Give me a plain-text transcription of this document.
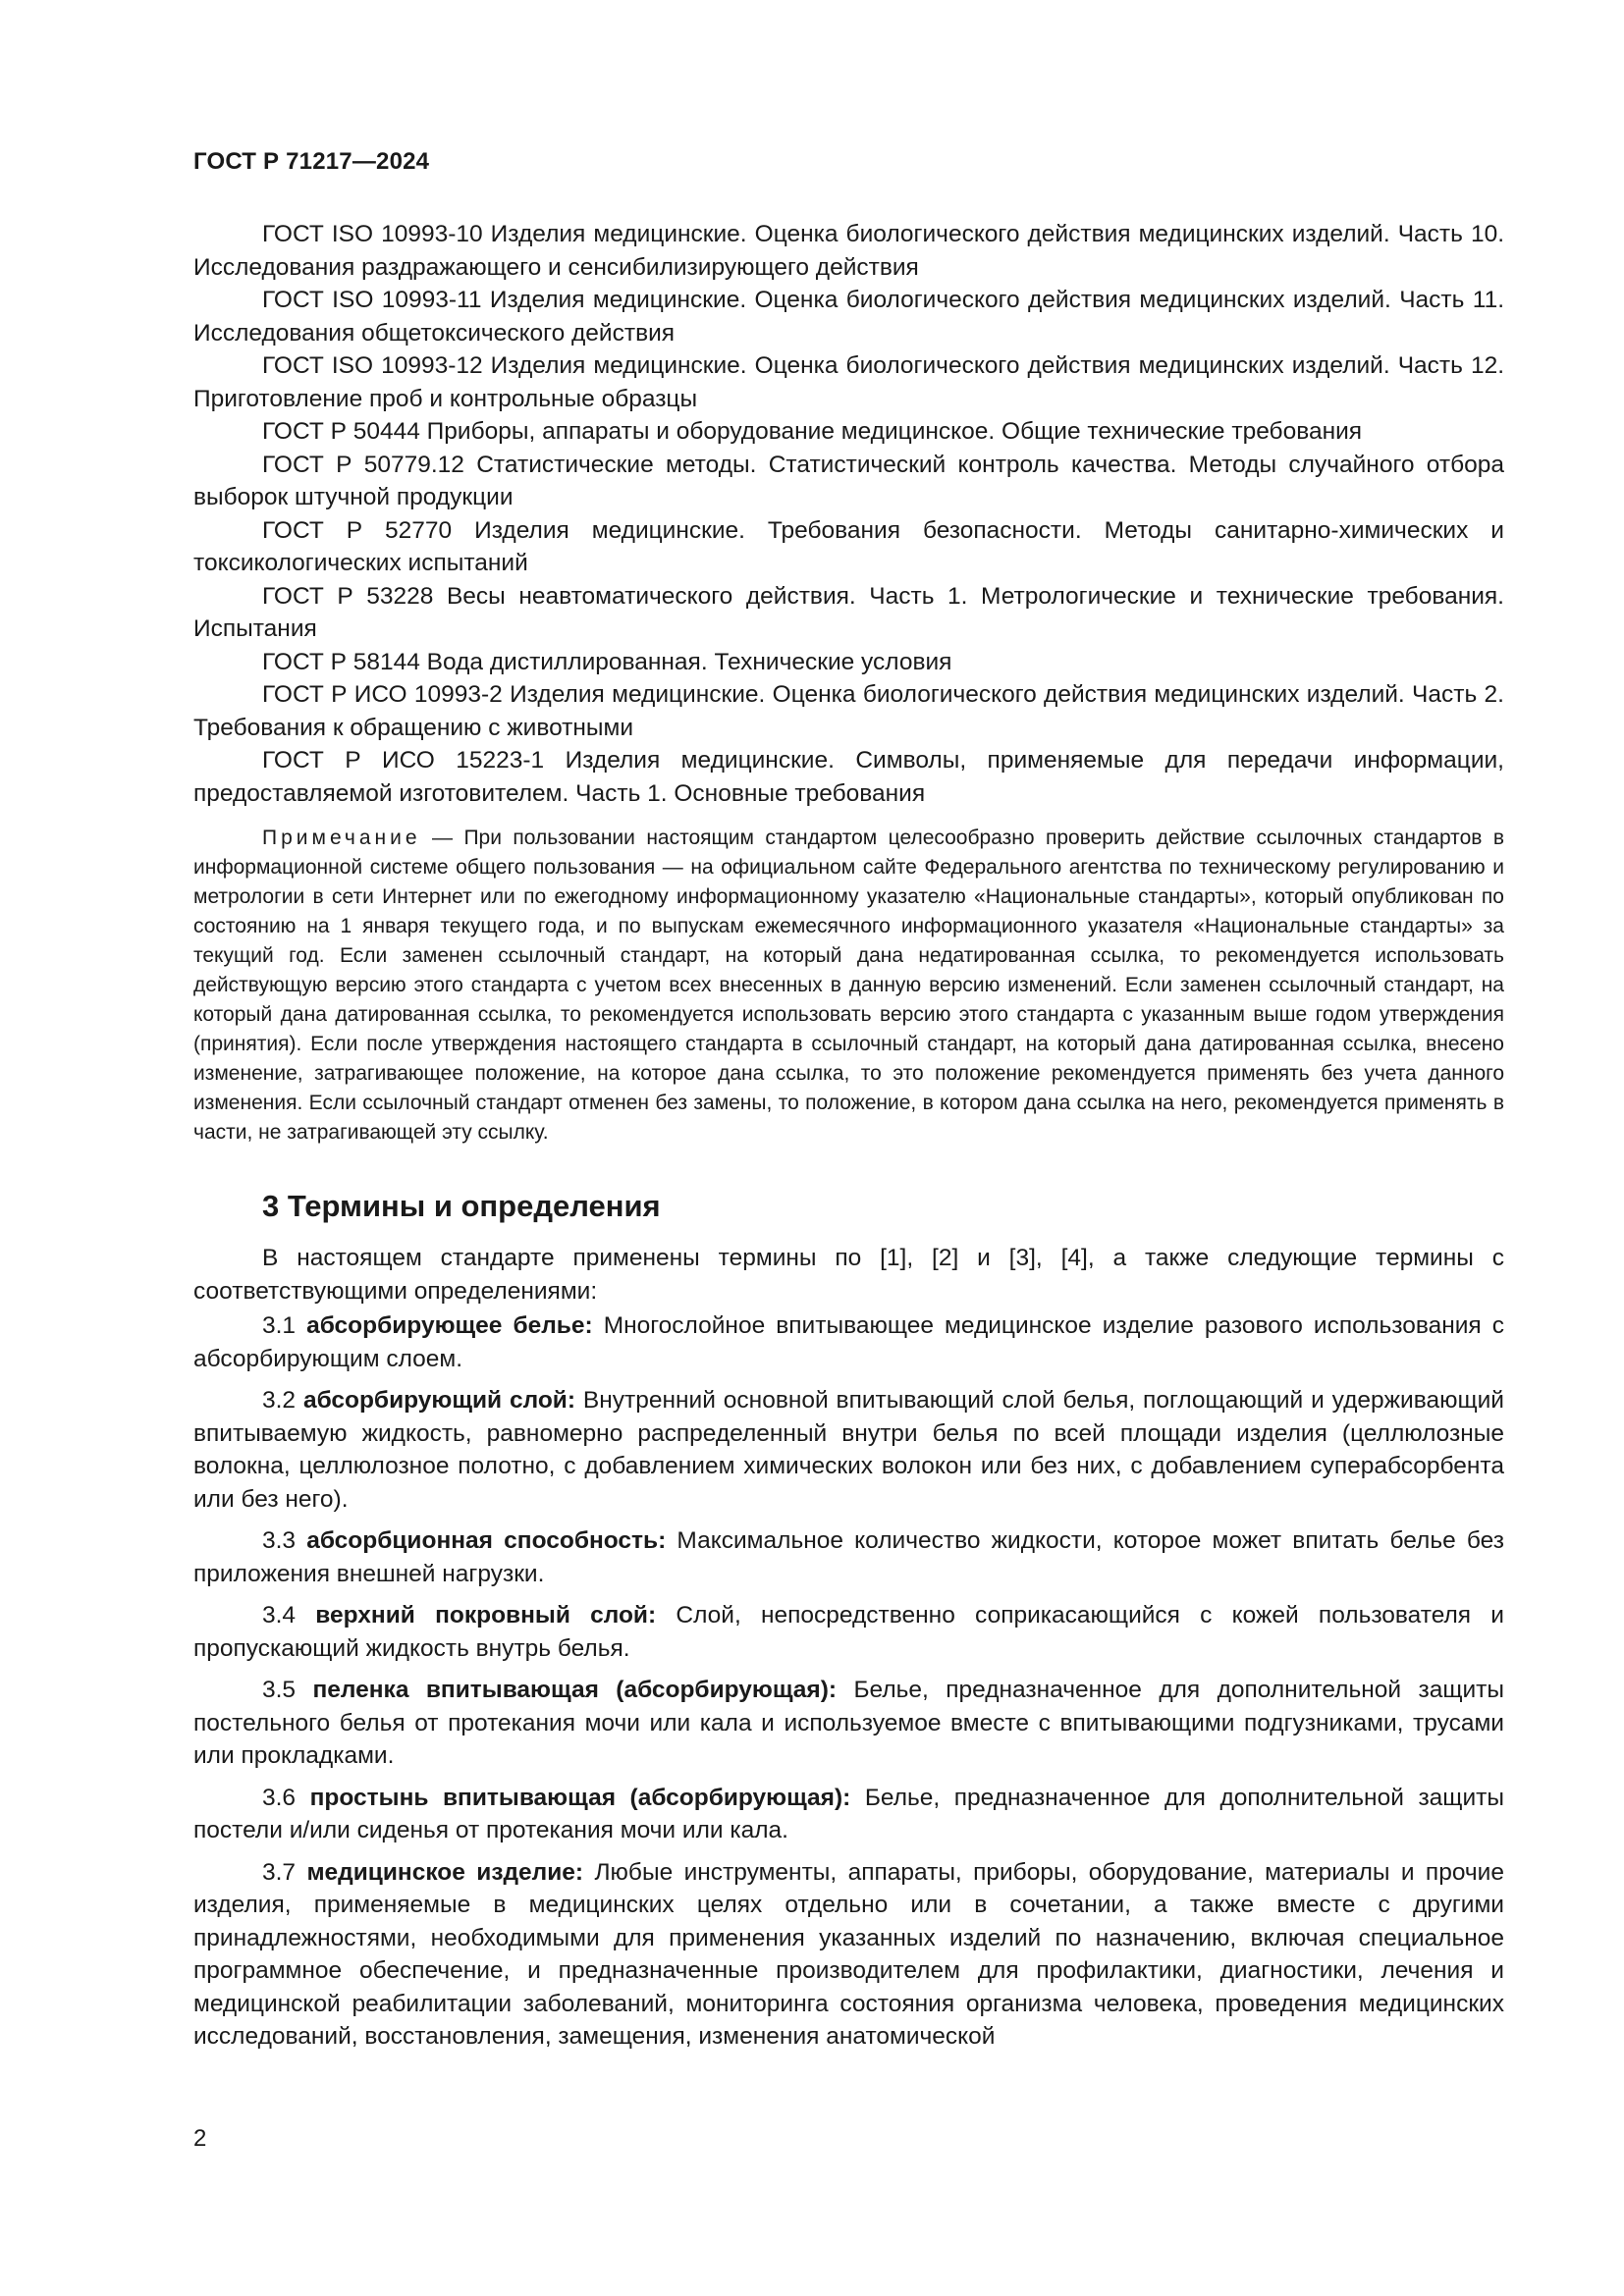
ГОСТ Р 71217—2024

ГОСТ ISO 10993-10 Изделия медицинские. Оценка биологического действия медицинских изделий. Часть 10. Исследования раздражающего и сенсибилизирующего действия

ГОСТ ISO 10993-11 Изделия медицинские. Оценка биологического действия медицинских изделий. Часть 11. Исследования общетоксического действия

ГОСТ ISO 10993-12 Изделия медицинские. Оценка биологического действия медицинских изделий. Часть 12. Приготовление проб и контрольные образцы

ГОСТ Р 50444 Приборы, аппараты и оборудование медицинское. Общие технические требования

ГОСТ Р 50779.12 Статистические методы. Статистический контроль качества. Методы случайного отбора выборок штучной продукции

ГОСТ Р 52770 Изделия медицинские. Требования безопасности. Методы санитарно-химических и токсикологических испытаний

ГОСТ Р 53228 Весы неавтоматического действия. Часть 1. Метрологические и технические требования. Испытания

ГОСТ Р 58144 Вода дистиллированная. Технические условия

ГОСТ Р ИСО 10993-2 Изделия медицинские. Оценка биологического действия медицинских изделий. Часть 2. Требования к обращению с животными

ГОСТ Р ИСО 15223-1 Изделия медицинские. Символы, применяемые для передачи информации, предоставляемой изготовителем. Часть 1. Основные требования

Примечание — При пользовании настоящим стандартом целесообразно проверить действие ссылочных стандартов в информационной системе общего пользования — на официальном сайте Федерального агентства по техническому регулированию и метрологии в сети Интернет или по ежегодному информационному указателю «Национальные стандарты», который опубликован по состоянию на 1 января текущего года, и по выпускам ежемесячного информационного указателя «Национальные стандарты» за текущий год. Если заменен ссылочный стандарт, на который дана недатированная ссылка, то рекомендуется использовать действующую версию этого стандарта с учетом всех внесенных в данную версию изменений. Если заменен ссылочный стандарт, на который дана датированная ссылка, то рекомендуется использовать версию этого стандарта с указанным выше годом утверждения (принятия). Если после утверждения настоящего стандарта в ссылочный стандарт, на который дана датированная ссылка, внесено изменение, затрагивающее положение, на которое дана ссылка, то это положение рекомендуется применять без учета данного изменения. Если ссылочный стандарт отменен без замены, то положение, в котором дана ссылка на него, рекомендуется применять в части, не затрагивающей эту ссылку.

3 Термины и определения

В настоящем стандарте применены термины по [1], [2] и [3], [4], а также следующие термины с соответствующими определениями:

3.1 абсорбирующее белье: Многослойное впитывающее медицинское изделие разового использования с абсорбирующим слоем.

3.2 абсорбирующий слой: Внутренний основной впитывающий слой белья, поглощающий и удерживающий впитываемую жидкость, равномерно распределенный внутри белья по всей площади изделия (целлюлозные волокна, целлюлозное полотно, с добавлением химических волокон или без них, с добавлением суперабсорбента или без него).

3.3 абсорбционная способность: Максимальное количество жидкости, которое может впитать белье без приложения внешней нагрузки.

3.4 верхний покровный слой: Слой, непосредственно соприкасающийся с кожей пользователя и пропускающий жидкость внутрь белья.

3.5 пеленка впитывающая (абсорбирующая): Белье, предназначенное для дополнительной защиты постельного белья от протекания мочи или кала и используемое вместе с впитывающими подгузниками, трусами или прокладками.

3.6 простынь впитывающая (абсорбирующая): Белье, предназначенное для дополнительной защиты постели и/или сиденья от протекания мочи или кала.

3.7 медицинское изделие: Любые инструменты, аппараты, приборы, оборудование, материалы и прочие изделия, применяемые в медицинских целях отдельно или в сочетании, а также вместе с другими принадлежностями, необходимыми для применения указанных изделий по назначению, включая специальное программное обеспечение, и предназначенные производителем для профилактики, диагностики, лечения и медицинской реабилитации заболеваний, мониторинга состояния организма человека, проведения медицинских исследований, восстановления, замещения, изменения анатомической

2
